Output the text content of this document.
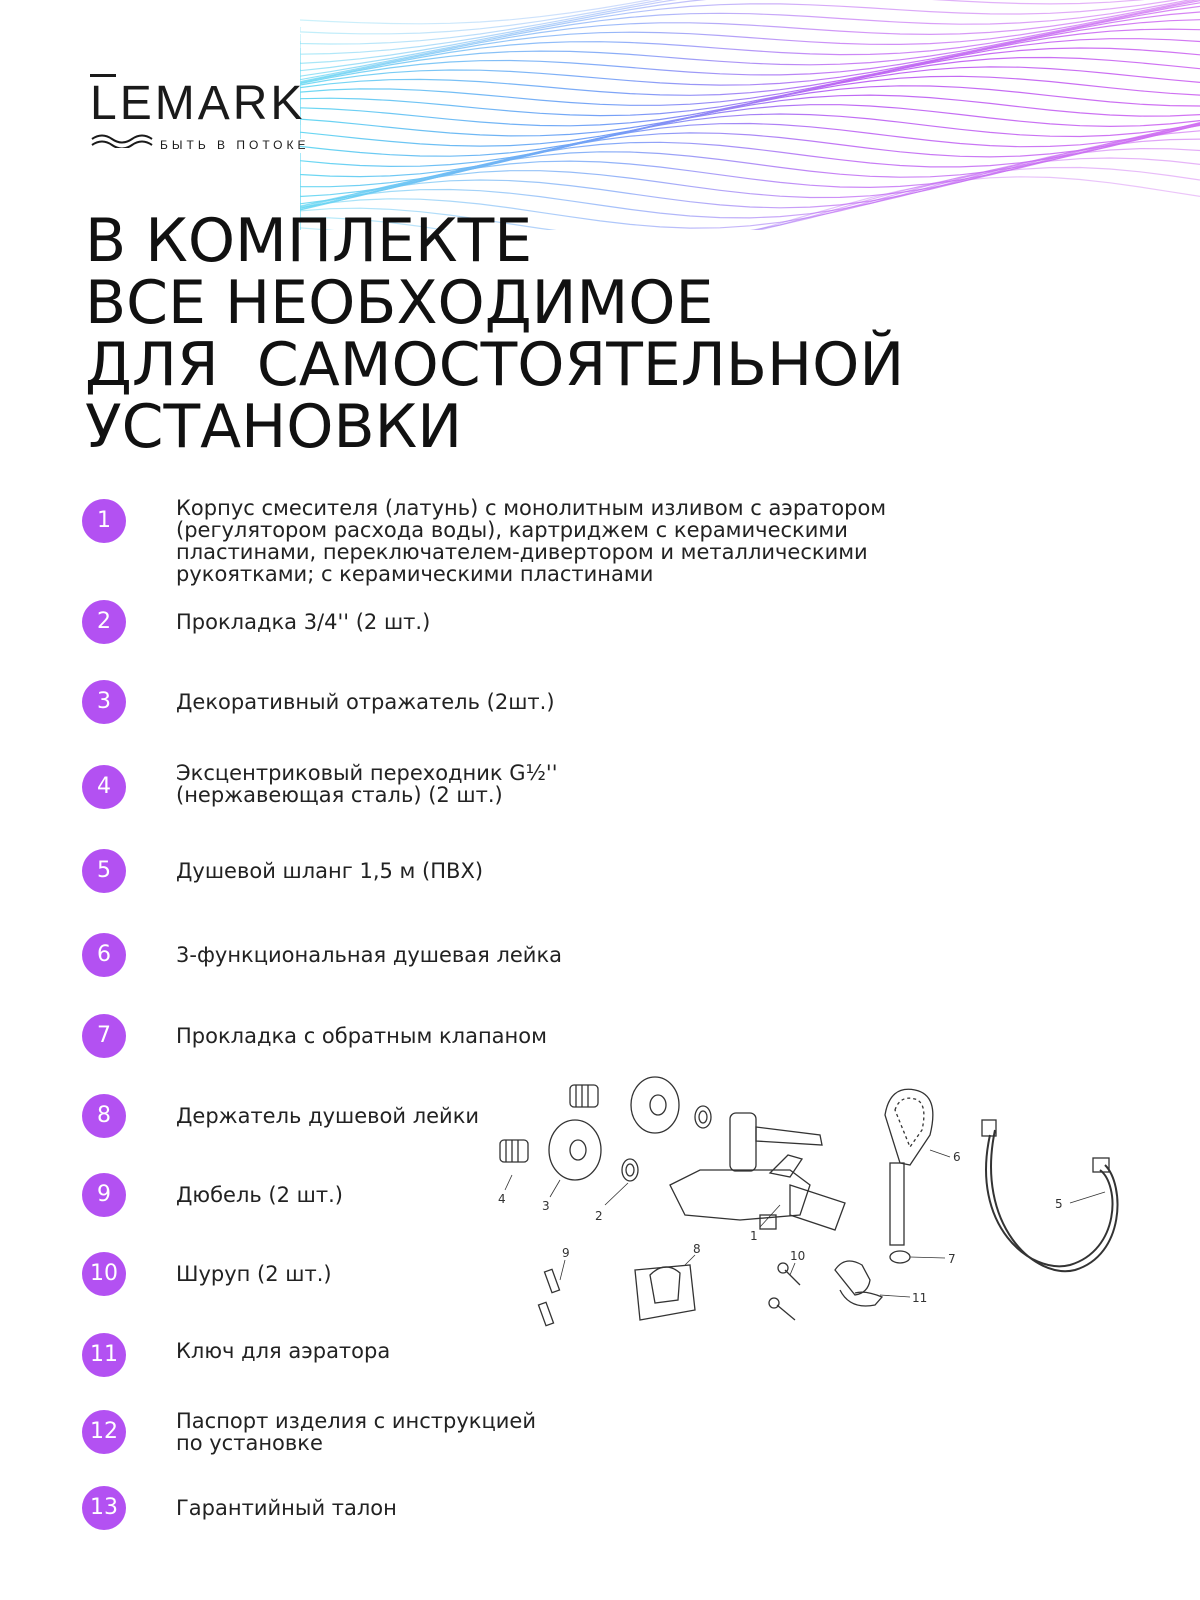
LEMARK
БЫТЬ В ПОТОКЕ
В КОМПЛЕКТЕ
ВСЕ НЕОБХОДИМОЕ
ДЛЯ  САМОСТОЯТЕЛЬНОЙ
УСТАНОВКИ
1	Корпус смесителя (латунь) с монолитным изливом с аэратором
(регулятором расхода воды), картриджем с керамическими
пластинами, переключателем-дивертором и металлическими
рукоятками; с керамическими пластинами
2	Прокладка 3/4'' (2 шт.)
3	Декоративный отражатель (2шт.)
4
Эксцентриковый переходник G½''
(нержавеющая сталь) (2 шт.)
5	Душевой шланг 1,5 м (ПВХ)
6	3-функциональная душевая лейка
7	Прокладка с обратным клапаном
8	Держатель душевой лейки
9	Дюбель (2 шт.)
10	Шуруп (2 шт.)
11	Ключ для аэратора
12	Паспорт изделия с инструкцией
по установке
13	Гарантийный талон
4	3
2
1
5
6
7
8
9	10
11
